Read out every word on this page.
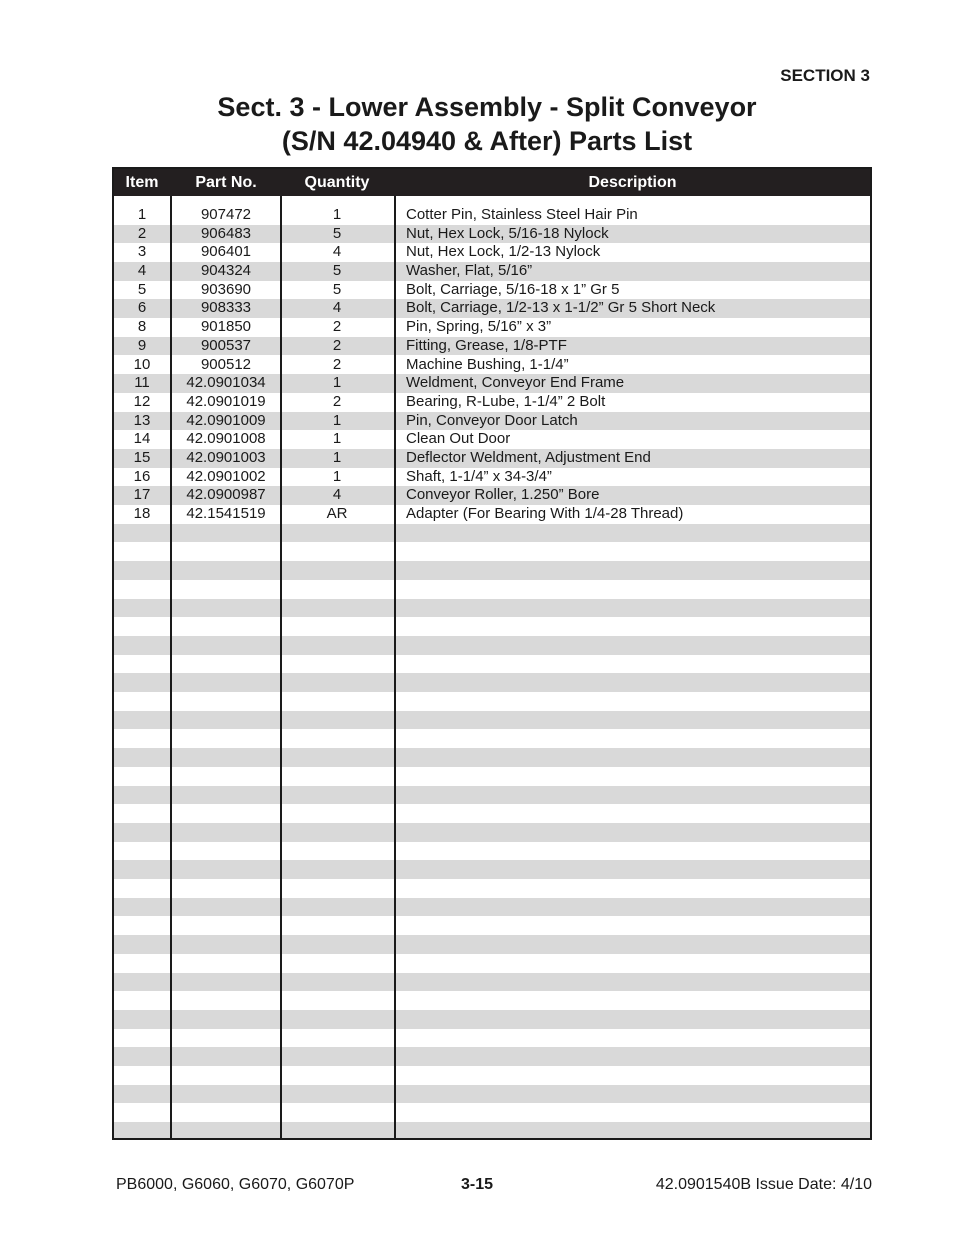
SECTION 3
Sect. 3 - Lower Assembly - Split Conveyor
(S/N 42.04940 & After) Parts List
Item	Part No.	Quantity	Description
1	907472	1	Cotter Pin, Stainless Steel Hair Pin
2	906483	5	Nut, Hex Lock, 5/16-18 Nylock
3	906401	4	Nut, Hex Lock, 1/2-13 Nylock
4	904324	5	Washer, Flat, 5/16”
5	903690	5	Bolt, Carriage, 5/16-18 x 1” Gr 5
6	908333	4	Bolt, Carriage, 1/2-13 x 1-1/2” Gr 5 Short Neck
8	901850	2	Pin, Spring, 5/16” x 3”
9	900537	2	Fitting, Grease, 1/8-PTF
10	900512	2	Machine Bushing, 1-1/4”
11	42.0901034	1	Weldment, Conveyor End Frame
12	42.0901019	2	Bearing, R-Lube, 1-1/4” 2 Bolt
13	42.0901009	1	Pin, Conveyor Door Latch
14	42.0901008	1	Clean Out Door
15	42.0901003	1	Deflector Weldment, Adjustment End
16	42.0901002	1	Shaft, 1-1/4” x 34-3/4”
17	42.0900987	4	Conveyor Roller, 1.250” Bore
18	42.1541519	AR	Adapter (For Bearing With 1/4-28 Thread)
PB6000, G6060, G6070, G6070P	3-15	42.0901540B Issue Date: 4/10
